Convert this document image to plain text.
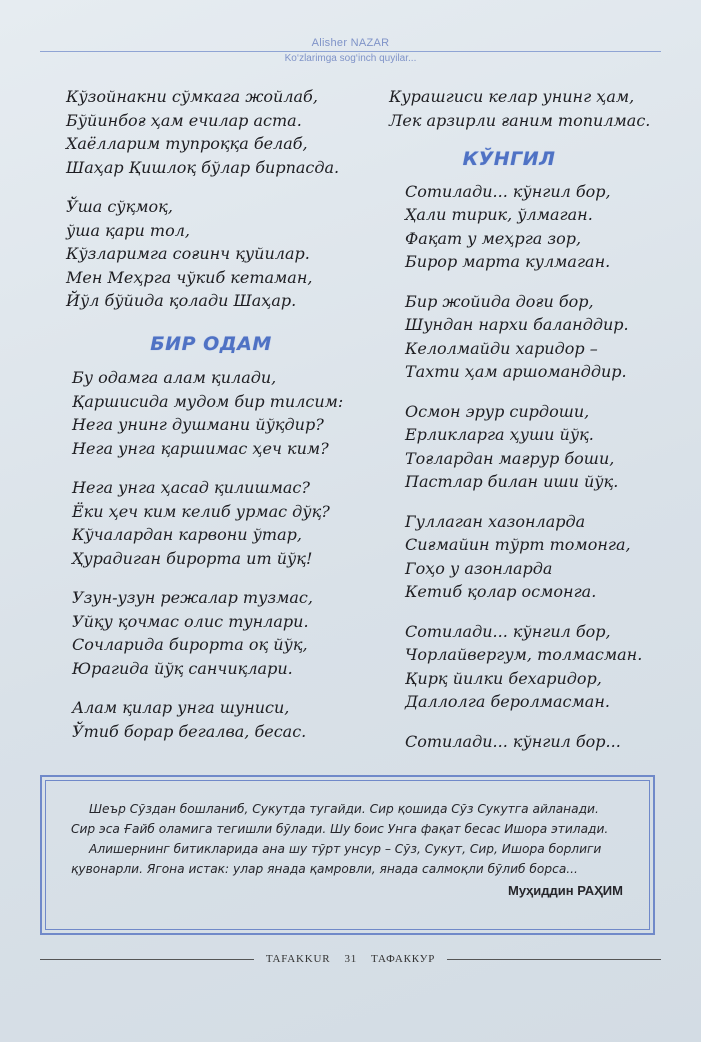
Alisher NAZAR
Ko‘zlarimga sog‘inch quyilar...
Кўзойнакни сўмкага жойлаб,
Бўйинбоғ ҳам ечилар аста.
Хаёлларим тупроққа белаб,
Шаҳар Қишлоқ бўлар бирпасда.
Ўша сўқмоқ,
ўша қари тол,
Кўзларимга соғинч қуйилар.
Мен Меҳрга чўкиб кетаман,
Йўл бўйида қолади Шаҳар.
БИР ОДАМ
Бу одамга алам қилади,
Қаршисида мудом бир тилсим:
Нега унинг душмани йўқдир?
Нега унга қаршимас ҳеч ким?
Нега унга ҳасад қилишмас?
Ёки ҳеч ким келиб урмас дўқ?
Кўчалардан карвони ўтар,
Ҳурадиган бирорта ит йўқ!
Узун-узун режалар тузмас,
Уйқу қочмас олис тунлари.
Сочларида бирорта оқ йўқ,
Юрагида йўқ санчиқлари.
Алам қилар унга шуниси,
Ўтиб борар бегалва, бесас.
Курашгиси келар унинг ҳам,
Лек арзирли ғаним топилмас.
КЎНГИЛ
Сотилади... кўнгил бор,
Ҳали тирик, ўлмаган.
Фақат у меҳрга зор,
Бирор марта кулмаган.
Бир жойида доғи бор,
Шундан нархи баланддир.
Келолмайди харидор –
Тахти ҳам аршоманддир.
Осмон эрур сирдоши,
Ерликларга ҳуши йўқ.
Тоғлардан мағрур боши,
Пастлар билан иши йўқ.
Гуллаган хазонларда
Сиғмайин тўрт томонга,
Гоҳо у азонларда
Кетиб қолар осмонга.
Сотилади... кўнгил бор,
Чорлайвергум, толмасман.
Қирқ йилки бехаридор,
Даллолга беролмасман.
Сотилади... кўнгил бор...

Шеър Сўздан бошланиб, Сукутда тугайди. Сир қошида Сўз Сукутга айланади. Сир эса Ғайб оламига тегишли бўлади. Шу боис Унга фақат бесас Ишора этилади.

Алишернинг битикларида ана шу тўрт унсур – Сўз, Сукут, Сир, Ишора борлиги қувонарли. Ягона истак: улар янада қамровли, янада салмоқли бўлиб борса...

Муҳиддин РАҲИМ
TAFAKKUR 31 ТАФАККУР
